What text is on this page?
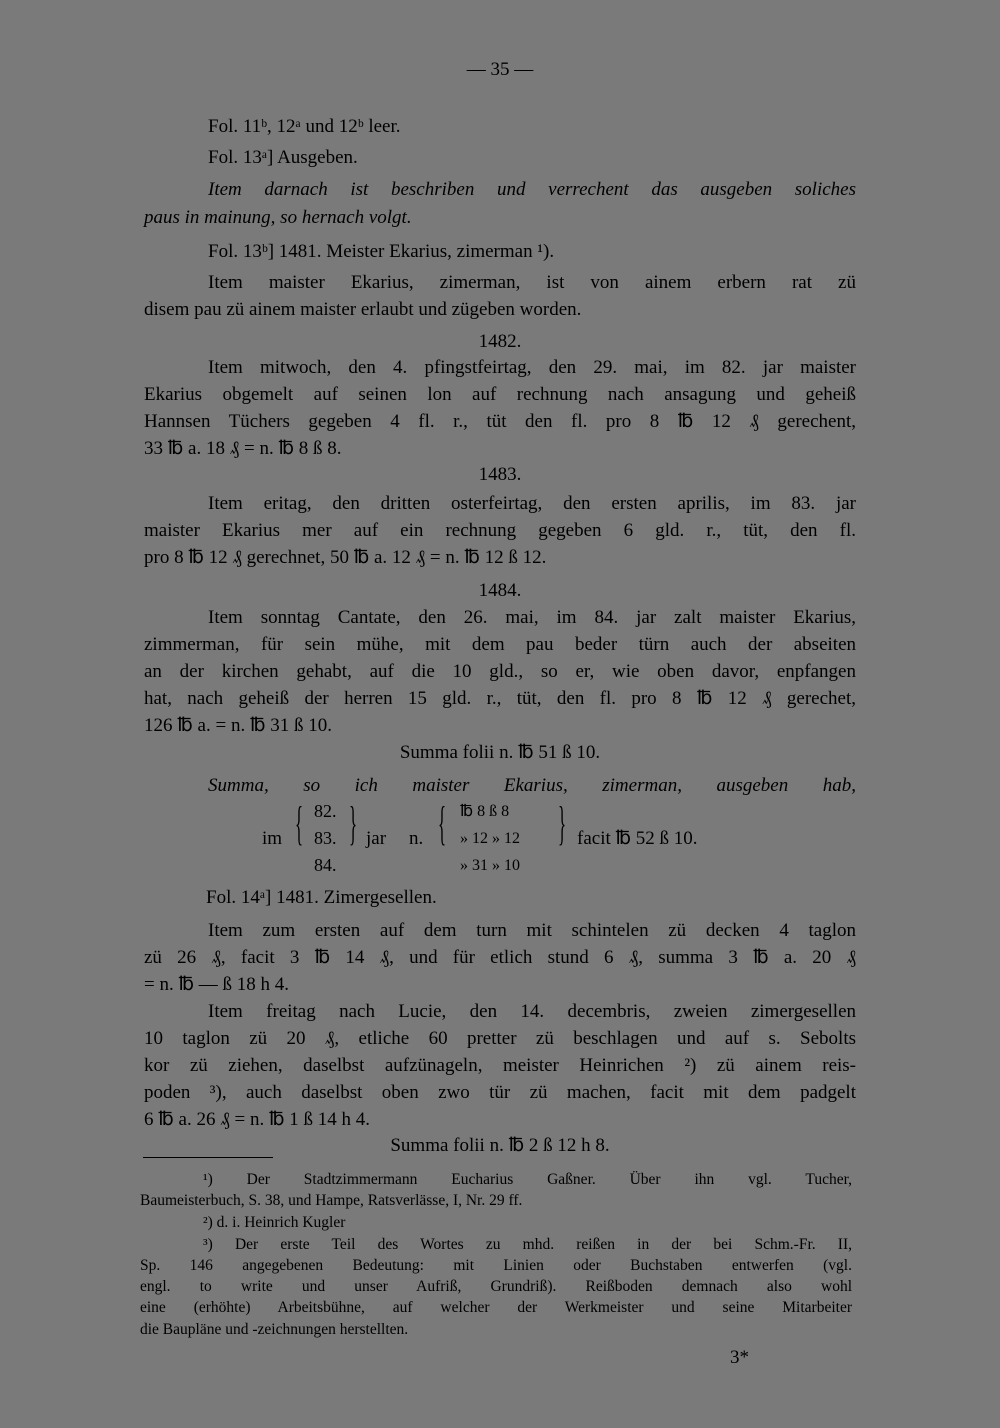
— 35 —
Fol. 11ᵇ, 12ᵃ und 12ᵇ leer.
Fol. 13ᵃ] Ausgeben.
Item darnach ist beschriben und verrechent das ausgeben soliches
paus in mainung, so hernach volgt.
Fol. 13ᵇ] 1481. Meister Ekarius, zimerman ¹).
Item maister Ekarius, zimerman, ist von ainem erbern rat zü
disem pau zü ainem maister erlaubt und zügeben worden.
1482.
Item mitwoch, den 4. pfingstfeirtag, den 29. mai, im 82. jar maister
Ekarius obgemelt auf seinen lon auf rechnung nach ansagung und geheiß
Hannsen Tüchers gegeben 4 fl. r., tüt den fl. pro 8 ℔ 12 ₰ gerechent,
33 ℔ a. 18 ₰ = n. ℔ 8 ß 8.
1483.
Item eritag, den dritten osterfeirtag, den ersten aprilis, im 83. jar
maister Ekarius mer auf ein rechnung gegeben 6 gld. r., tüt, den fl.
pro 8 ℔ 12 ₰ gerechnet, 50 ℔ a. 12 ₰ = n. ℔ 12 ß 12.
1484.
Item sonntag Cantate, den 26. mai, im 84. jar zalt maister Ekarius,
zimmerman, für sein mühe, mit dem pau beder türn auch der abseiten
an der kirchen gehabt, auf die 10 gld., so er, wie oben davor, enpfangen
hat, nach geheiß der herren 15 gld. r., tüt, den fl. pro 8 ℔ 12 ₰ gerechet,
126 ℔ a. = n. ℔ 31 ß 10.
Summa folii n. ℔ 51 ß 10.
Summa, so ich maister Ekarius, zimerman, ausgeben hab,
im { 82.
83.
84.
} jar n. { ℔ 8 ß 8
» 12 » 12
» 31 » 10
} facit ℔ 52 ß 10.
Fol. 14ᵃ] 1481. Zimergesellen.
Item zum ersten auf dem turn mit schintelen zü decken 4 taglon
zü 26 ₰, facit 3 ℔ 14 ₰, und für etlich stund 6 ₰, summa 3 ℔ a. 20 ₰
= n. ℔ — ß 18 h 4.
Item freitag nach Lucie, den 14. decembris, zweien zimergesellen
10 taglon zü 20 ₰, etliche 60 pretter zü beschlagen und auf s. Sebolts
kor zü ziehen, daselbst aufzünageln, meister Heinrichen ²) zü ainem reis-
poden ³), auch daselbst oben zwo tür zü machen, facit mit dem padgelt
6 ℔ a. 26 ₰ = n. ℔ 1 ß 14 h 4.
Summa folii n. ℔ 2 ß 12 h 8.
¹) Der Stadtzimmermann Eucharius Gaßner. Über ihn vgl. Tucher,
Baumeisterbuch, S. 38, und Hampe, Ratsverlässe, I, Nr. 29 ff.
²) d. i. Heinrich Kugler
³) Der erste Teil des Wortes zu mhd. reißen in der bei Schm.-Fr. II,
Sp. 146 angegebenen Bedeutung: mit Linien oder Buchstaben entwerfen (vgl.
engl. to write und unser Aufriß, Grundriß). Reißboden demnach also wohl
eine (erhöhte) Arbeitsbühne, auf welcher der Werkmeister und seine Mitarbeiter
die Baupläne und -zeichnungen herstellten.
3*
